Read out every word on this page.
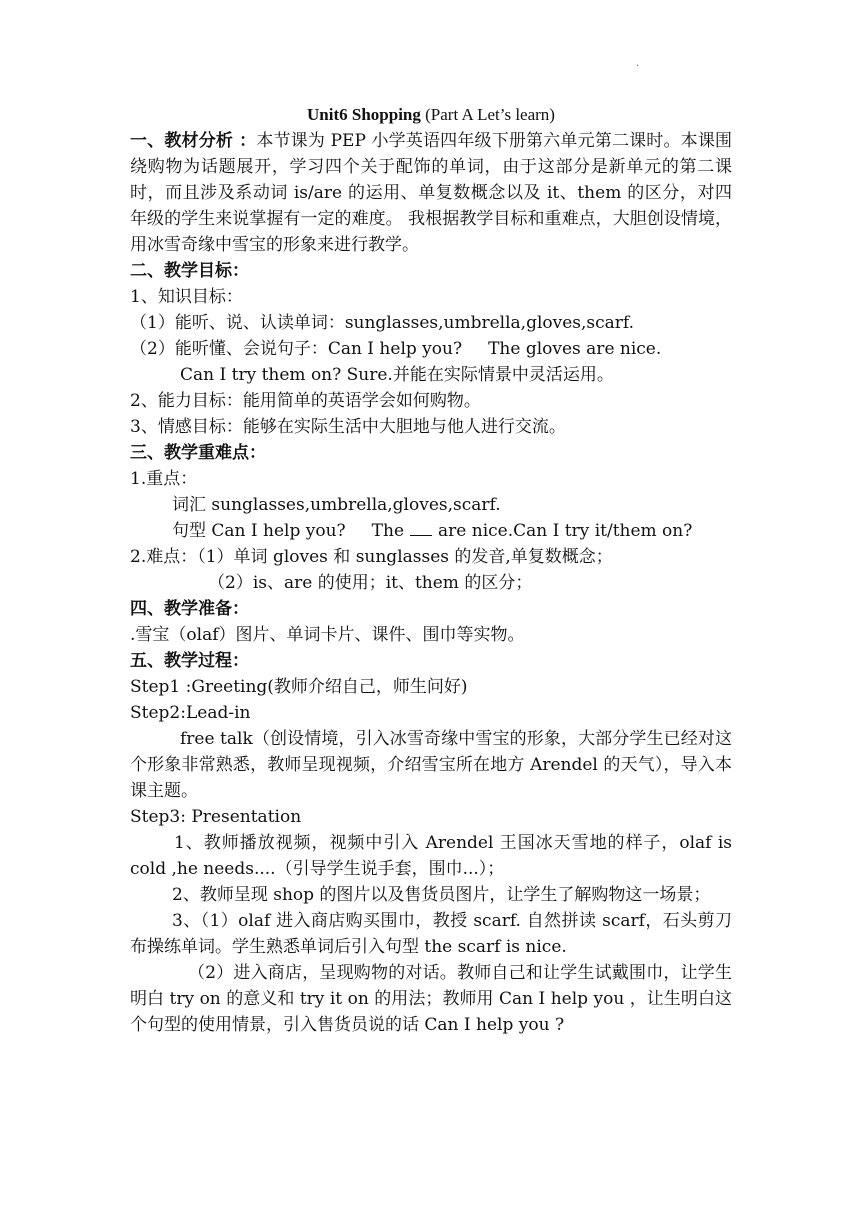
.
Unit6 Shopping (Part A Let’s learn)

一、教材分析 ：本节课为 PEP 小学英语四年级下册第六单元第二课时。本课围绕购物为话题展开，学习四个关于配饰的单词，由于这部分是新单元的第二课时，而且涉及系动词 is/are 的运用、单复数概念以及 it、them 的区分，对四年级的学生来说掌握有一定的难度。 我根据教学目标和重难点，大胆创设情境，用冰雪奇缘中雪宝的形象来进行教学。

二、教学目标：

1、知识目标：

（1）能听、说、认读单词：sunglasses,umbrella,gloves,scarf.

（2）能听懂、会说句子：Can I help you? The gloves are nice.

Can I try them on? Sure.并能在实际情景中灵活运用。

2、能力目标：能用简单的英语学会如何购物。

3、情感目标：能够在实际生活中大胆地与他人进行交流。

三、教学重难点：

1.重点：

词汇 sunglasses,umbrella,gloves,scarf.

句型 Can I help you? The are nice.Can I try it/them on?

2.难点：（1）单词 gloves 和 sunglasses 的发音,单复数概念；

（2）is、are 的使用；it、them 的区分；

四、教学准备：

.雪宝（olaf）图片、单词卡片、课件、围巾等实物。

五、教学过程：

Step1 :Greeting(教师介绍自己，师生问好)

Step2:Lead-in

free talk（创设情境，引入冰雪奇缘中雪宝的形象，大部分学生已经对这个形象非常熟悉，教师呈现视频，介绍雪宝所在地方 Arendel 的天气），导入本课主题。

Step3: Presentation

1、教师播放视频，视频中引入 Arendel 王国冰天雪地的样子，olaf is cold ,he needs....（引导学生说手套，围巾...）；

2、教师呈现 shop 的图片以及售货员图片，让学生了解购物这一场景；

3、（1）olaf 进入商店购买围巾，教授 scarf. 自然拼读 scarf，石头剪刀布操练单词。学生熟悉单词后引入句型 the scarf is nice.

（2）进入商店，呈现购物的对话。教师自己和让学生试戴围巾，让学生明白 try on 的意义和 try it on 的用法；教师用 Can I help you ，让生明白这个句型的使用情景，引入售货员说的话 Can I help you ?
